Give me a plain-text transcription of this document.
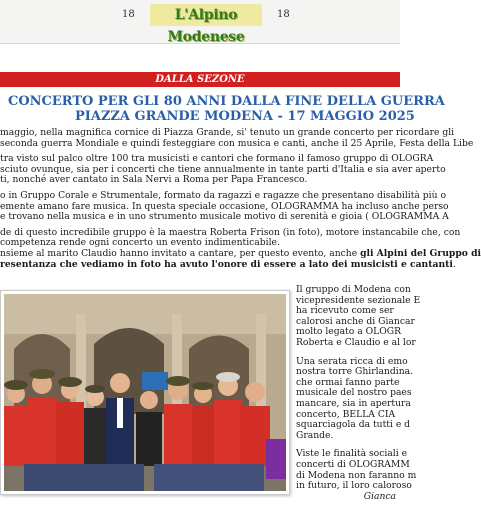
18	L'Alpino Modenese
18
DALLA SEZONE
CONCERTO PER GLI 80 ANNI DALLA FINE DELLA GUERRA
PIAZZA GRANDE MODENA - 17 MAGGIO 2025
maggio, nella magnifica cornice di Piazza Grande, si' tenuto un grande concerto per ricordare gli
seconda guerra Mondiale e quindi festeggiare con musica e canti, anche il 25 Aprile, Festa della Libe
tra visto sul palco oltre 100 tra musicisti e cantori che formano il famoso gruppo di OLOGRA
sciuto ovunque, sia per i concerti che tiene annualmente in tante parti d'Italia e sia aver aperto
ti, nonché aver cantato in Sala Nervi a Roma per Papa Francesco.
o in Gruppo Corale e Strumentale, formato da ragazzi e ragazze che presentano disabilità più o
emente amano fare musica. In questa speciale occasione, OLOGRAMMA ha incluso anche perso
e trovano nella musica e in uno strumento musicale motivo di serenità e gioia ( OLOGRAMMA A
de di questo incredibile gruppo è la maestra Roberta Frison (in foto), motore instancabile che, con
competenza rende ogni concerto un evento indimenticabile.
nsieme al marito Claudio hanno invitato a cantare, per questo evento, anche gli Alpini del Gruppo di
resentanza che vediamo in foto ha avuto l'onore di essere a lato dei musicisti e cantanti.
Il gruppo di Modena con
vicepresidente sezionale E
ha ricevuto come ser
calorosi anche di Giancar
molto legato a OLOGR
Roberta e Claudio e al lor
Una serata ricca di emo
nostra torre Ghirlandina.
che ormai fanno parte
musicale del nostro paes
mancare, sia in apertura
concerto, BELLA CIA
squarciagola da tutti e d
Grande.
Viste le finalità sociali e
concerti di OLOGRAMM
di Modena non faranno m
in futuro, il loro caloroso
Gianca
